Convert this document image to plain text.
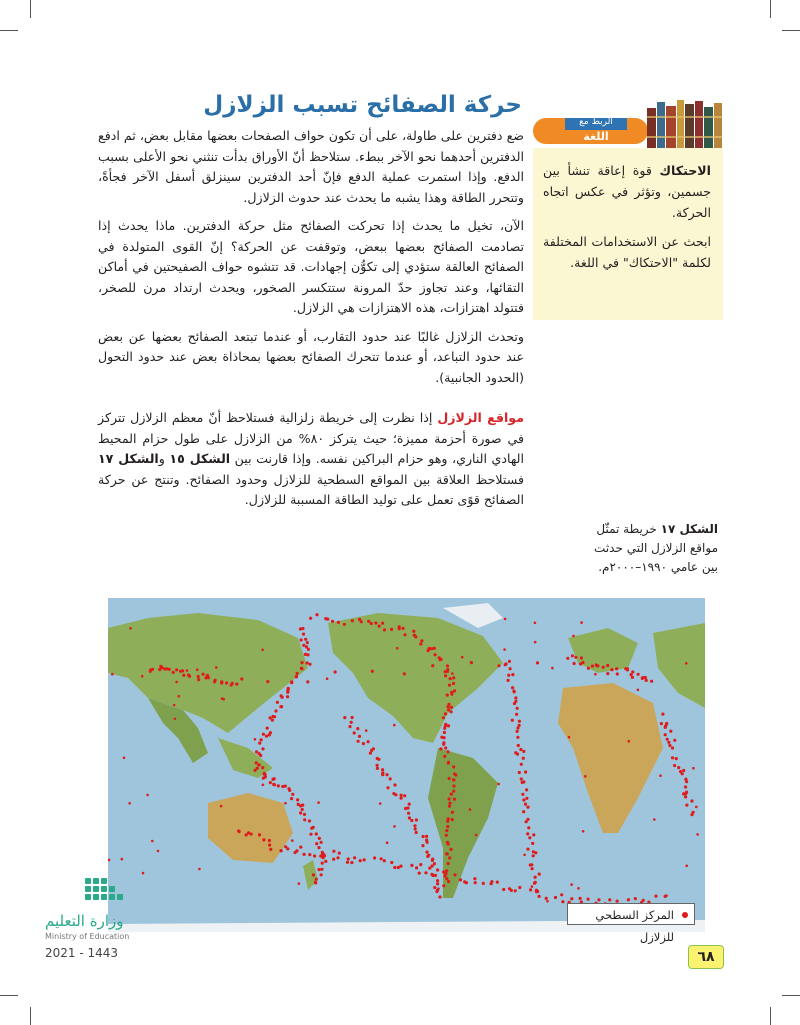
حركة الصفائح تسبب الزلازل

ضع دفترين على طاولة، على أن تكون حواف الصفحات بعضها مقابل بعض، ثم ادفع الدفترين أحدهما نحو الآخر ببطء. ستلاحظ أنّ الأوراق بدأت تنثني نحو الأعلى بسبب الدفع. وإذا استمرت عملية الدفع فإنّ أحد الدفترين سينزلق أسفل الآخر فجأةً، وتتحرر الطاقة وهذا يشبه ما يحدث عند حدوث الزلازل.

الآن، تخيل ما يحدث إذا تحركت الصفائح مثل حركة الدفترين. ماذا يحدث إذا تصادمت الصفائح بعضها ببعض، وتوقفت عن الحركة؟ إنّ القوى المتولدة في الصفائح العالقة ستؤدي إلى تكوُّن إجهادات. قد تتشوه حواف الصفيحتين في أماكن التقائها، وعند تجاوز حدّ المرونة ستتكسر الصخور، ويحدث ارتداد مرن للصخر، فتتولد اهتزازات، هذه الاهتزازات هي الزلازل.

وتحدث الزلازل غالبًا عند حدود التقارب، أو عندما تبتعد الصفائح بعضها عن بعض عند حدود التباعد، أو عندما تتحرك الصفائح بعضها بمحاذاة بعض عند حدود التحول (الحدود الجانبية).

مواقع الزلازل إذا نظرت إلى خريطة زلزالية فستلاحظ أنّ معظم الزلازل تتركز في صورة أحزمة مميزة؛ حيث يتركز ٨٠% من الزلازل على طول حزام المحيط الهادي الناري، وهو حزام البراكين نفسه. وإذا قارنت بين الشكل ١٥ والشكل ١٧ فستلاحظ العلاقة بين المواقع السطحية للزلازل وحدود الصفائح. وتنتج عن حركة الصفائح قوًى تعمل على توليد الطاقة المسببة للزلازل.

الربط مع
اللغة

الاحتكاك قوة إعاقة تنشأ بين جسمين، وتؤثر في عكس اتجاه الحركة.

ابحث عن الاستخدامات المختلفة لكلمة "الاحتكاك" في اللغة.

الشكل ١٧ خريطة تمثّل مواقع الزلازل التي حدثت بين عامي ١٩٩٠–٢٠٠٠م.
المركز السطحي للزلازل
وزارة التعليم
Ministry of Education
2021 - 1443	٦٨
